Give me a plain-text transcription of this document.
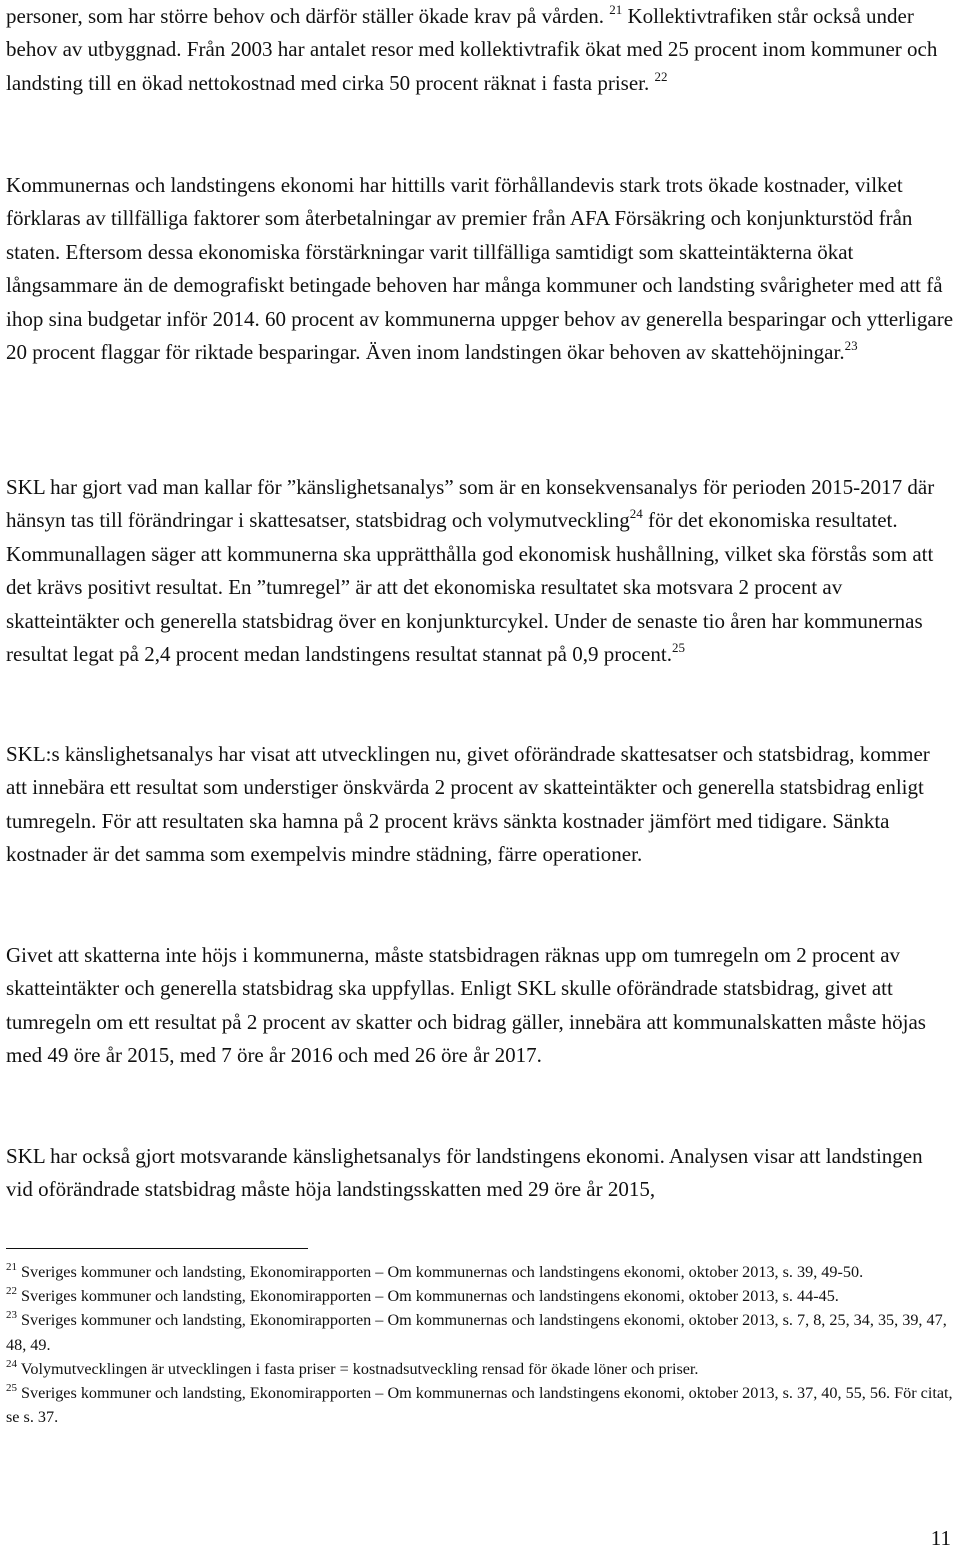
personer, som har större behov och därför ställer ökade krav på vården. $^{21}$ Kollektivtrafiken står också under behov av utbyggnad. Från 2003 har antalet resor med kollektivtrafik ökat med 25 procent inom kommuner och landsting till en ökad nettokostnad med cirka 50 procent räknat i fasta priser. $^{22}$

Kommunernas och landstingens ekonomi har hittills varit förhållandevis stark trots ökade kostnader, vilket förklaras av tillfälliga faktorer som återbetalningar av premier från AFA Försäkring och konjunkturstöd från staten. Eftersom dessa ekonomiska förstärkningar varit tillfälliga samtidigt som skatteintäkterna ökat långsammare än de demografiskt betingade behoven har många kommuner och landsting svårigheter med att få ihop sina budgetar inför 2014. 60 procent av kommunerna uppger behov av generella besparingar och ytterligare 20 procent flaggar för riktade besparingar. Även inom landstingen ökar behoven av skattehöjningar.$^{23}$

SKL har gjort vad man kallar för ”känslighetsanalys” som är en konsekvensanalys för perioden 2015-2017 där hänsyn tas till förändringar i skattesatser, statsbidrag och volymutveckling$^{24}$ för det ekonomiska resultatet. Kommunallagen säger att kommunerna ska upprätthålla god ekonomisk hushållning, vilket ska förstås som att det krävs positivt resultat. En ”tumregel” är att det ekonomiska resultatet ska motsvara 2 procent av skatteintäkter och generella statsbidrag över en konjunkturcykel. Under de senaste tio åren har kommunernas resultat legat på 2,4 procent medan landstingens resultat stannat på 0,9 procent.$^{25}$

SKL:s känslighetsanalys har visat att utvecklingen nu, givet oförändrade skattesatser och statsbidrag, kommer att innebära ett resultat som understiger önskvärda 2 procent av skatteintäkter och generella statsbidrag enligt tumregeln. För att resultaten ska hamna på 2 procent krävs sänkta kostnader jämfört med tidigare. Sänkta kostnader är det samma som exempelvis mindre städning, färre operationer.

Givet att skatterna inte höjs i kommunerna, måste statsbidragen räknas upp om tumregeln om 2 procent av skatteintäkter och generella statsbidrag ska uppfyllas. Enligt SKL skulle oförändrade statsbidrag, givet att tumregeln om ett resultat på 2 procent av skatter och bidrag gäller, innebära att kommunalskatten måste höjas med 49 öre år 2015, med 7 öre år 2016 och med 26 öre år 2017.

SKL har också gjort motsvarande känslighetsanalys för landstingens ekonomi. Analysen visar att landstingen vid oförändrade statsbidrag måste höja landstingsskatten med 29 öre år 2015,

$^{21}$ Sveriges kommuner och landsting, Ekonomirapporten – Om kommunernas och landstingens ekonomi, oktober 2013, s. 39, 49-50.

$^{22}$ Sveriges kommuner och landsting, Ekonomirapporten – Om kommunernas och landstingens ekonomi, oktober 2013, s. 44-45.

$^{23}$ Sveriges kommuner och landsting, Ekonomirapporten – Om kommunernas och landstingens ekonomi, oktober 2013, s. 7, 8, 25, 34, 35, 39, 47, 48, 49.

$^{24}$ Volymutvecklingen är utvecklingen i fasta priser = kostnadsutveckling rensad för ökade löner och priser.

$^{25}$ Sveriges kommuner och landsting, Ekonomirapporten – Om kommunernas och landstingens ekonomi, oktober 2013, s. 37, 40, 55, 56. För citat, se s. 37.

11
